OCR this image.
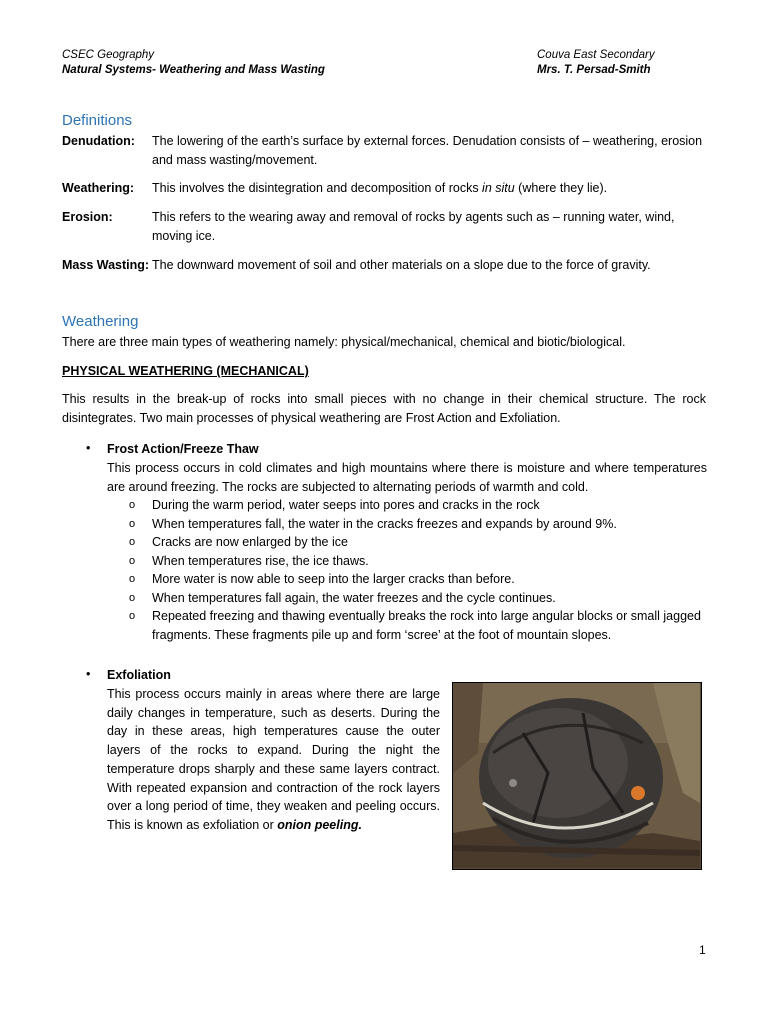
CSEC Geography
Natural Systems- Weathering and Mass Wasting
Couva East Secondary
Mrs. T. Persad-Smith
Definitions
Denudation: The lowering of the earth’s surface by external forces. Denudation consists of – weathering, erosion and mass wasting/movement.
Weathering: This involves the disintegration and decomposition of rocks in situ (where they lie).
Erosion:	This refers to the wearing away and removal of rocks by agents such as – running water, wind, moving ice.
Mass Wasting: The downward movement of soil and other materials on a slope due to the force of gravity.
Weathering
There are three main types of weathering namely: physical/mechanical, chemical and biotic/biological.
PHYSICAL WEATHERING (MECHANICAL)
This results in the break-up of rocks into small pieces with no change in their chemical structure. The rock disintegrates. Two main processes of physical weathering are Frost Action and Exfoliation.
• Frost Action/Freeze Thaw
This process occurs in cold climates and high mountains where there is moisture and where temperatures are around freezing. The rocks are subjected to alternating periods of warmth and cold.
o During the warm period, water seeps into pores and cracks in the rock
o When temperatures fall, the water in the cracks freezes and expands by around 9%.
o Cracks are now enlarged by the ice
o When temperatures rise, the ice thaws.
o More water is now able to seep into the larger cracks than before.
o When temperatures fall again, the water freezes and the cycle continues.
o Repeated freezing and thawing eventually breaks the rock into large angular blocks or small jagged fragments. These fragments pile up and form ‘scree’ at the foot of mountain slopes.
• Exfoliation
This process occurs mainly in areas where there are large daily changes in temperature, such as deserts. During the day in these areas, high temperatures cause the outer layers of the rocks to expand. During the night the temperature drops sharply and these same layers contract. With repeated expansion and contraction of the rock layers over a long period of time, they weaken and peeling occurs. This is known as exfoliation or onion peeling.
1
